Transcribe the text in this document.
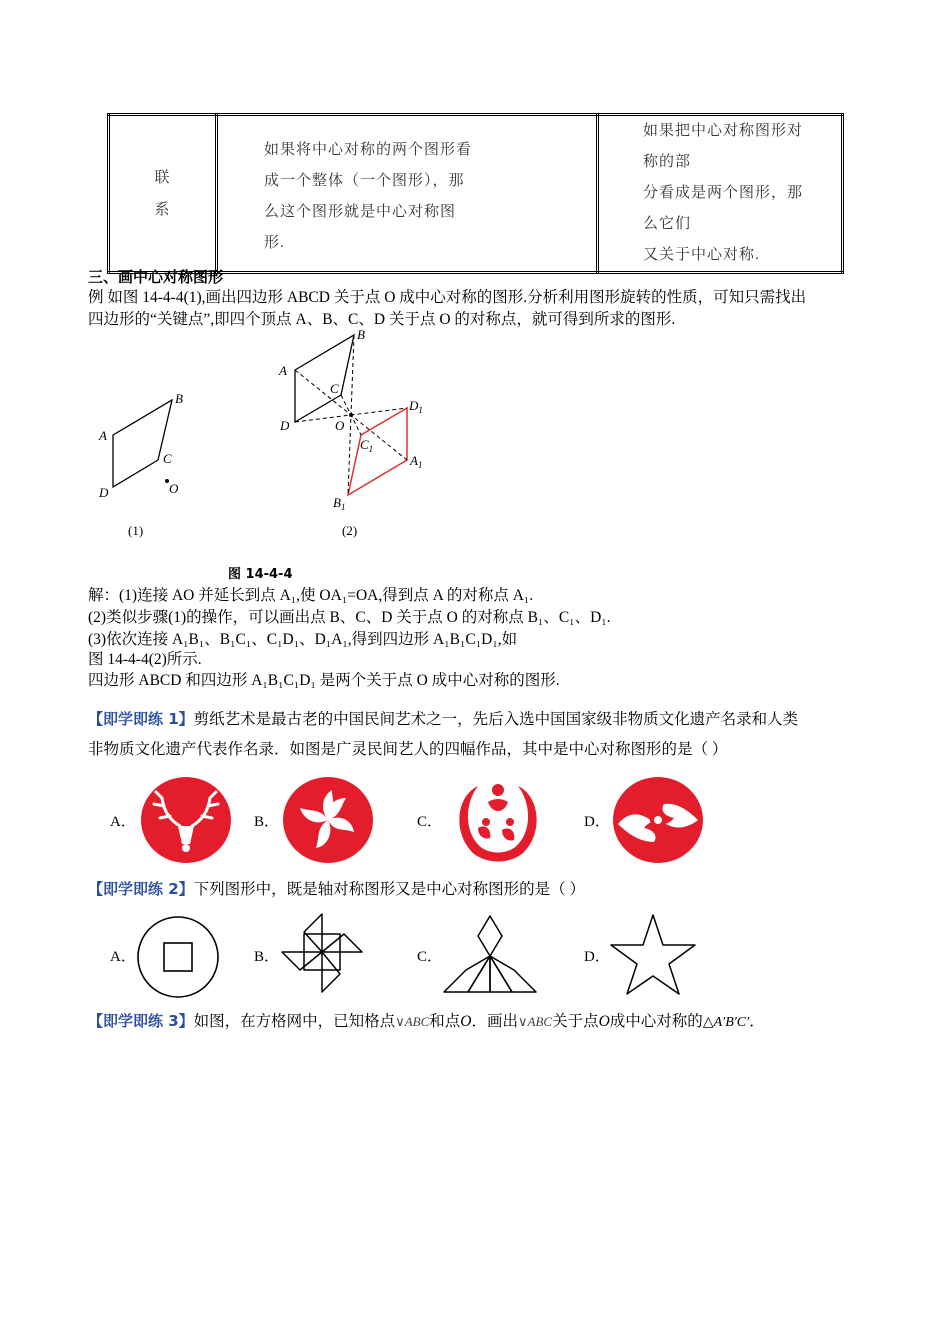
联
系

如果将中心对称的两个图形看
成一个整体（一个图形），那
么这个图形就是中心对称图
形.

如果把中心对称图形对称的部
分看成是两个图形，那么它们
又关于中心对称.
三、画中心对称图形
例 如图 14-4-4(1),画出四边形 ABCD 关于点 O 成中心对称的图形.分析利用图形旋转的性质，可知只需找出
四边形的“关键点”,即四个顶点 A、B、C、D 关于点 O 的对称点，就可得到所求的图形.
A
B
C
D	O
A
B
C
D	O
$A_1$
$B_1$
$C_1$
$D_1$
(1)	(2)
图 14-4-4
解：(1)连接 AO 并延长到点 A₁,使 OA₁=OA,得到点 A 的对称点 A₁.
(2)类似步骤(1)的操作，可以画出点 B、C、D 关于点 O 的对称点 B₁、C₁、D₁.
(3)依次连接 A₁B₁、B₁C₁、C₁D₁、D₁A₁,得到四边形 A₁B₁C₁D₁,如
图 14-4-4(2)所示.
四边形 ABCD 和四边形 A₁B₁C₁D₁ 是两个关于点 O 成中心对称的图形.
【即学即练 1】剪纸艺术是最古老的中国民间艺术之一，先后入选中国国家级非物质文化遗产名录和人类
非物质文化遗产代表作名录．如图是广灵民间艺人的四幅作品，其中是中心对称图形的是（ ）
A．	B．	C．	D．
【即学即练 2】下列图形中，既是轴对称图形又是中心对称图形的是（ ）
A．	B．	C．	D．
【即学即练 3】如图，在方格网中，已知格点∨ABC和点O．画出∨ABC关于点O成中心对称的△A′B′C′．
